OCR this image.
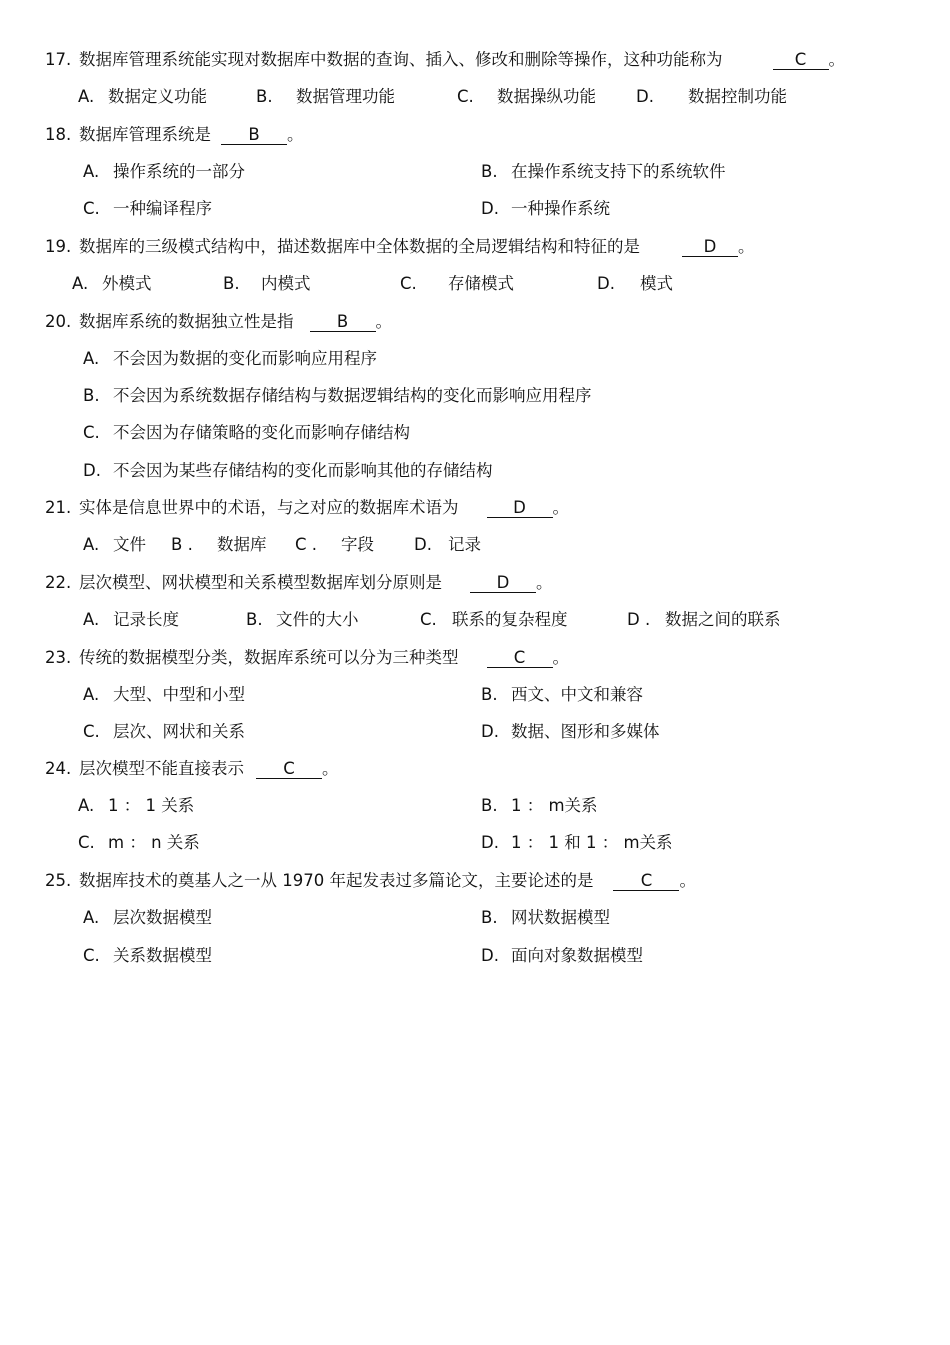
17. 数据库管理系统能实现对数据库中数据的查询、插入、修改和删除等操作，这种功能称为	C 。
A. 数据定义功能	B. 数据管理功能	C. 数据操纵功能 D. 数据控制功能
18. 数据库管理系统是 B 。
A. 操作系统的一部分	B. 在操作系统支持下的系统软件
C. 一种编译程序	D. 一种操作系统
19. 数据库的三级模式结构中，描述数据库中全体数据的全局逻辑结构和特征的是	D 。
A. 外模式	B. 内模式	C. 存储模式	D. 模式
20. 数据库系统的数据独立性是指	B 。
A. 不会因为数据的变化而影响应用程序
B. 不会因为系统数据存储结构与数据逻辑结构的变化而影响应用程序
C. 不会因为存储策略的变化而影响存储结构
D. 不会因为某些存储结构的变化而影响其他的存储结构
21. 实体是信息世界中的术语，与之对应的数据库术语为	D 。
A. 文件 B . 数据库 C . 字段 D. 记录
22. 层次模型、网状模型和关系模型数据库划分原则是	D 。
A. 记录长度	B. 文件的大小	C. 联系的复杂程度	D . 数据之间的联系
23. 传统的数据模型分类，数据库系统可以分为三种类型	C 。
A. 大型、中型和小型	B. 西文、中文和兼容
C. 层次、网状和关系	D. 数据、图形和多媒体
24. 层次模型不能直接表示 C 。
A. 1 ： 1 关系	B. 1 ： m关系
C. m ： n 关系	D. 1 ： 1 和 1 ： m关系
25. 数据库技术的奠基人之一从 1970 年起发表过多篇论文，主要论述的是	C 。
A. 层次数据模型	B. 网状数据模型
C. 关系数据模型	D. 面向对象数据模型
